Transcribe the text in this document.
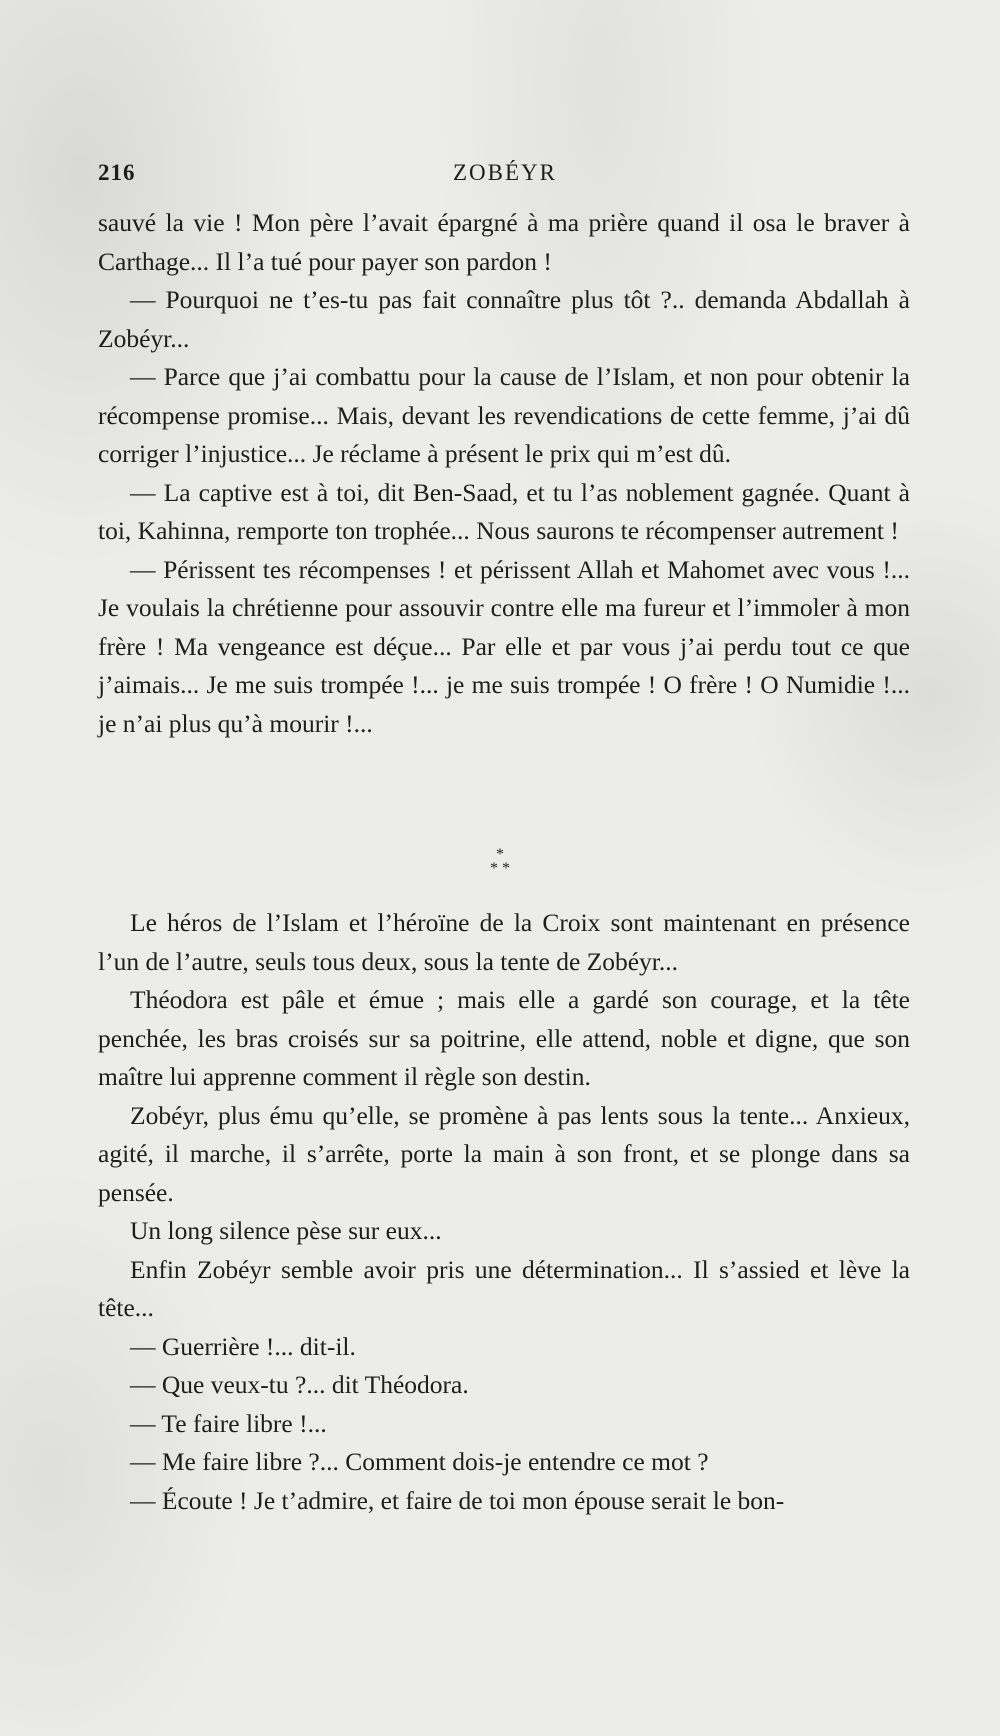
216	ZOBÉYR

sauvé la vie ! Mon père l’avait épargné à ma prière quand il osa le braver à Carthage... Il l’a tué pour payer son pardon !

— Pourquoi ne t’es-tu pas fait connaître plus tôt ?.. demanda Abdallah à Zobéyr...

— Parce que j’ai combattu pour la cause de l’Islam, et non pour obtenir la récompense promise... Mais, devant les revendications de cette femme, j’ai dû corriger l’injustice... Je réclame à présent le prix qui m’est dû.

— La captive est à toi, dit Ben-Saad, et tu l’as noblement gagnée. Quant à toi, Kahinna, remporte ton trophée... Nous saurons te récompenser autrement !

— Périssent tes récompenses ! et périssent Allah et Mahomet avec vous !... Je voulais la chrétienne pour assouvir contre elle ma fureur et l’immoler à mon frère ! Ma vengeance est déçue... Par elle et par vous j’ai perdu tout ce que j’aimais... Je me suis trompée !... je me suis trompée ! O frère ! O Numidie !... je n’ai plus qu’à mourir !...

*
* *

Le héros de l’Islam et l’héroïne de la Croix sont maintenant en présence l’un de l’autre, seuls tous deux, sous la tente de Zobéyr...

Théodora est pâle et émue ; mais elle a gardé son courage, et la tête penchée, les bras croisés sur sa poitrine, elle attend, noble et digne, que son maître lui apprenne comment il règle son destin.

Zobéyr, plus ému qu’elle, se promène à pas lents sous la tente... Anxieux, agité, il marche, il s’arrête, porte la main à son front, et se plonge dans sa pensée.

Un long silence pèse sur eux...

Enfin Zobéyr semble avoir pris une détermination... Il s’assied et lève la tête...

— Guerrière !... dit-il.

— Que veux-tu ?... dit Théodora.

— Te faire libre !...

— Me faire libre ?... Comment dois-je entendre ce mot ?

— Écoute ! Je t’admire, et faire de toi mon épouse serait le bon-
